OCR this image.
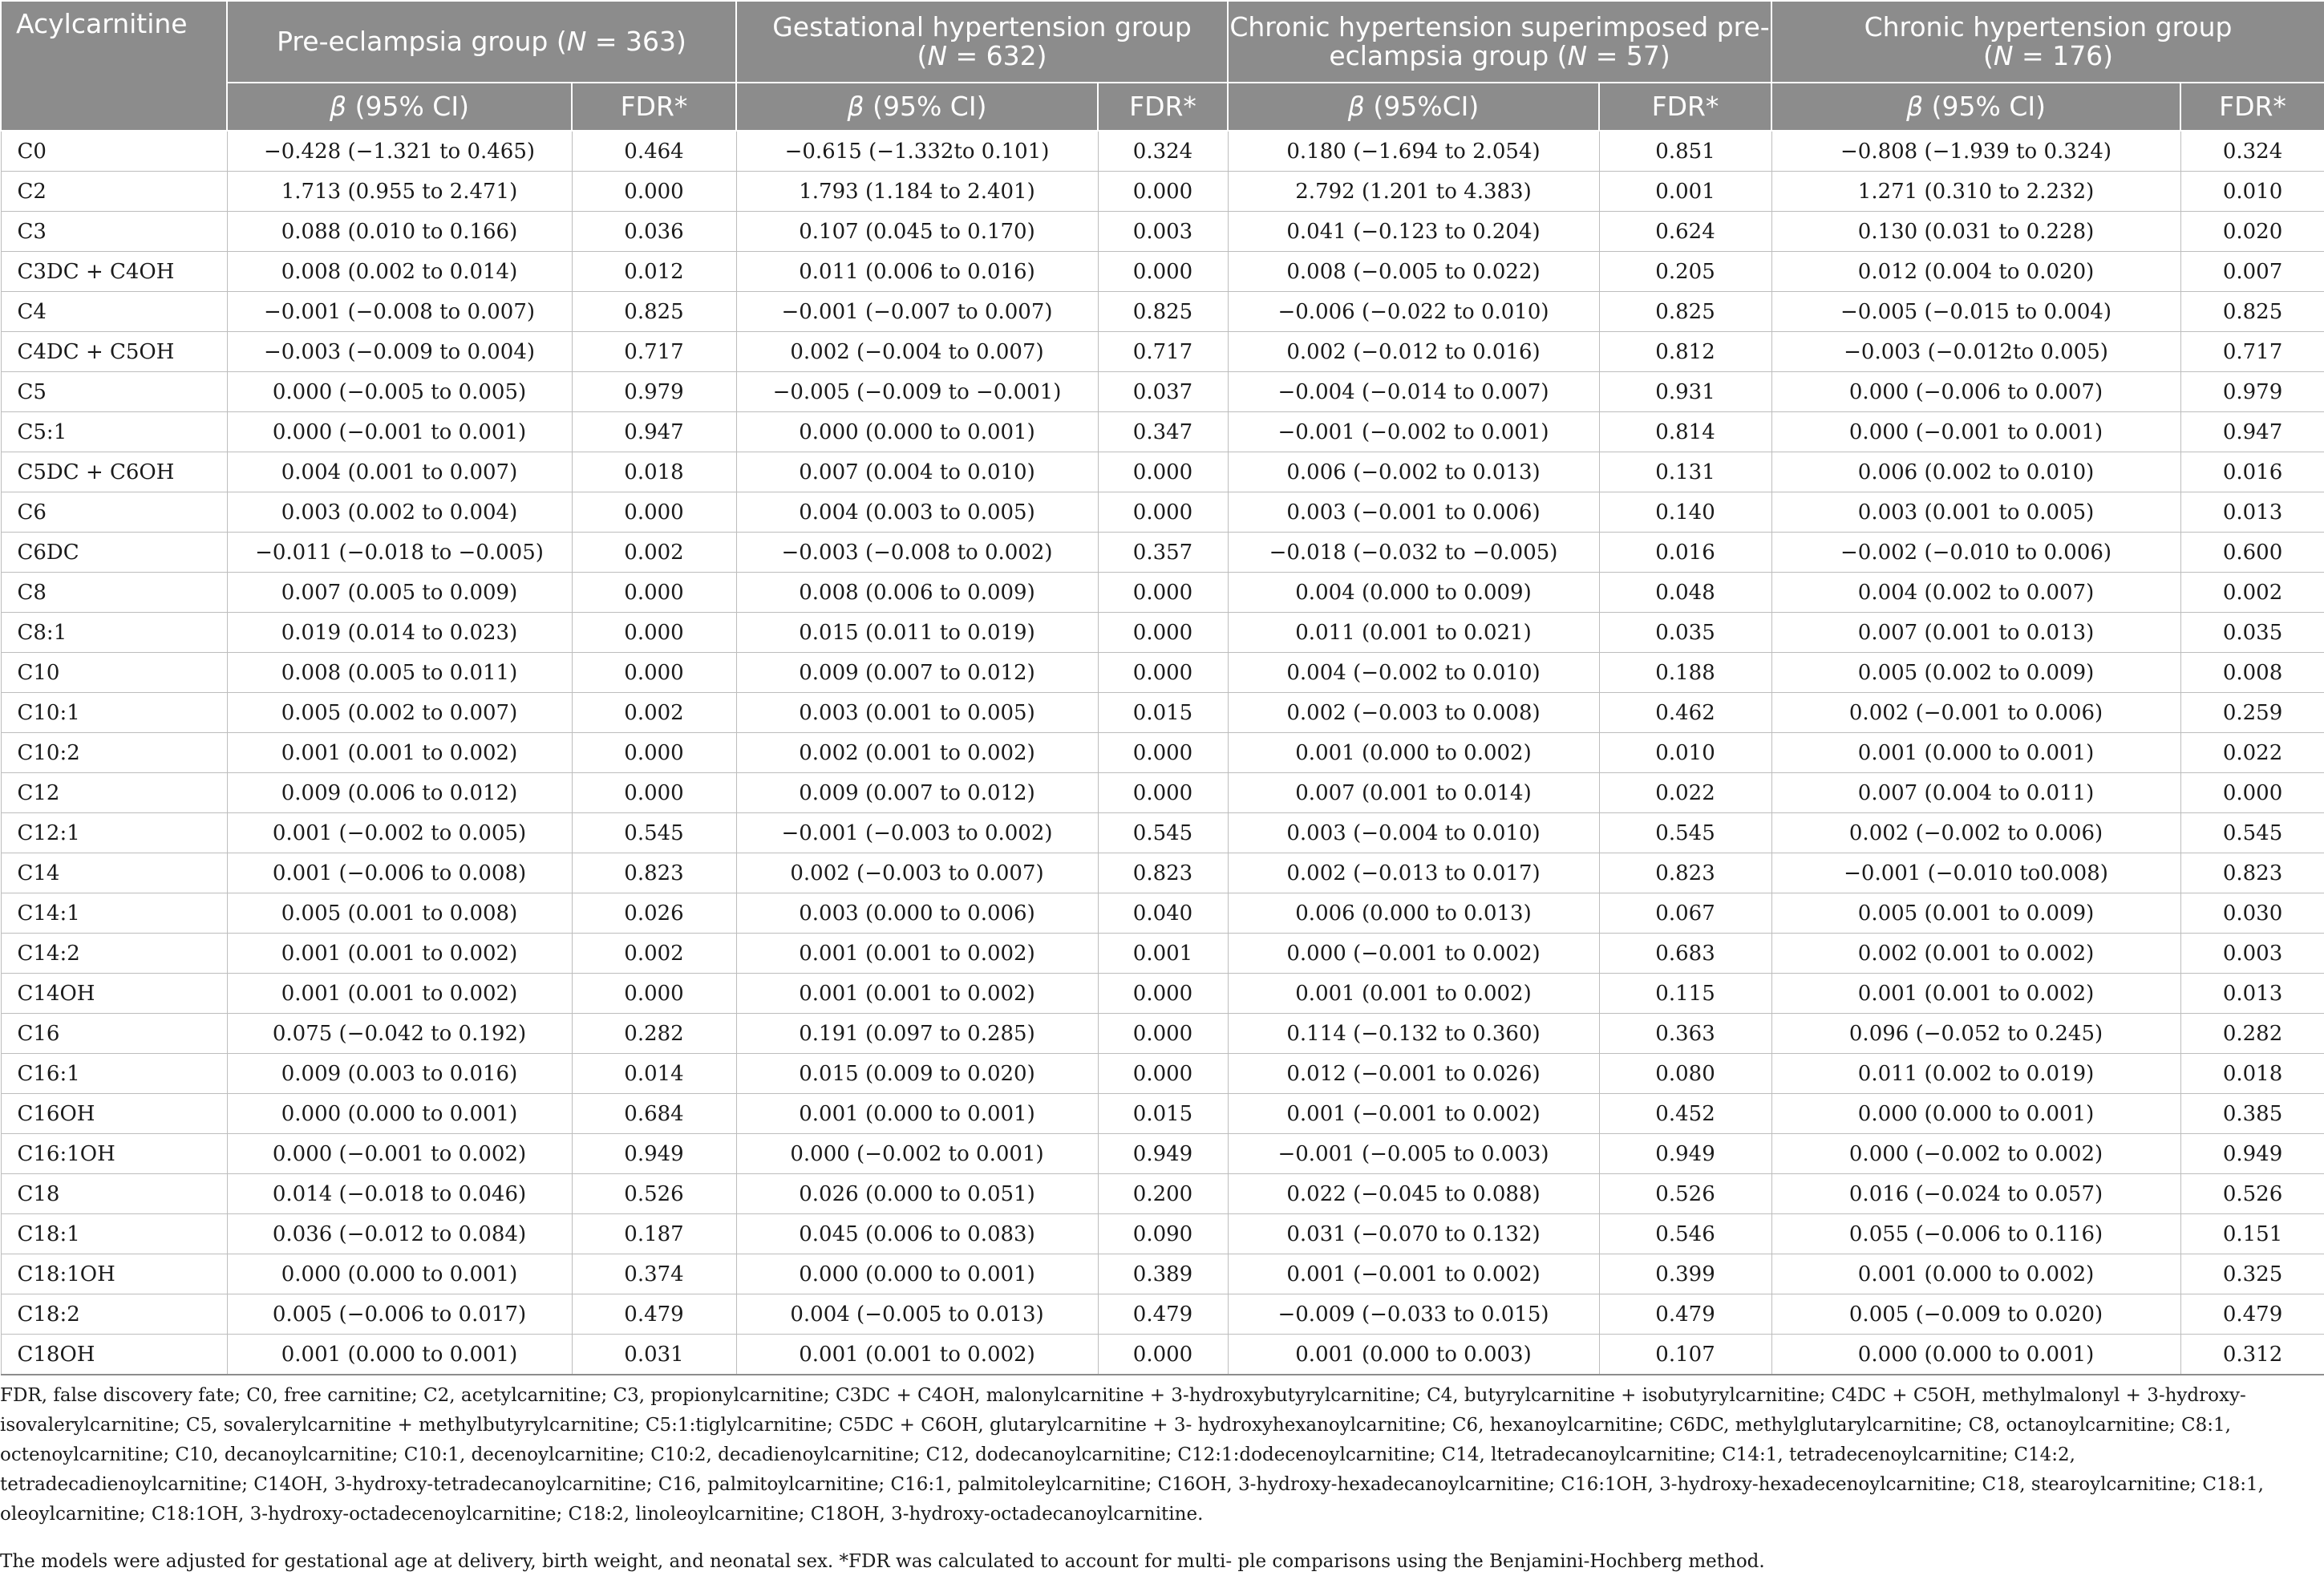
Acylcarnitine	Pre-eclampsia group (N = 363)		Gestational hypertension group
(N = 632)		Chronic hypertension superimposed pre-eclampsia group (N = 57)		Chronic hypertension group
(N = 176)	
	β (95% CI)	FDR*	β (95% CI)	FDR*	β (95%CI)	FDR*	β (95% CI)	FDR*
C0	−0.428 (−1.321 to 0.465)	0.464	−0.615 (−1.332to 0.101)	0.324	0.180 (−1.694 to 2.054)	0.851	−0.808 (−1.939 to 0.324)	0.324
C2	1.713 (0.955 to 2.471)	0.000	1.793 (1.184 to 2.401)	0.000	2.792 (1.201 to 4.383)	0.001	1.271 (0.310 to 2.232)	0.010
C3	0.088 (0.010 to 0.166)	0.036	0.107 (0.045 to 0.170)	0.003	0.041 (−0.123 to 0.204)	0.624	0.130 (0.031 to 0.228)	0.020
C3DC + C4OH	0.008 (0.002 to 0.014)	0.012	0.011 (0.006 to 0.016)	0.000	0.008 (−0.005 to 0.022)	0.205	0.012 (0.004 to 0.020)	0.007
C4	−0.001 (−0.008 to 0.007)	0.825	−0.001 (−0.007 to 0.007)	0.825	−0.006 (−0.022 to 0.010)	0.825	−0.005 (−0.015 to 0.004)	0.825
C4DC + C5OH	−0.003 (−0.009 to 0.004)	0.717	0.002 (−0.004 to 0.007)	0.717	0.002 (−0.012 to 0.016)	0.812	−0.003 (−0.012to 0.005)	0.717
C5	0.000 (−0.005 to 0.005)	0.979	−0.005 (−0.009 to −0.001)	0.037	−0.004 (−0.014 to 0.007)	0.931	0.000 (−0.006 to 0.007)	0.979
C5:1	0.000 (−0.001 to 0.001)	0.947	0.000 (0.000 to 0.001)	0.347	−0.001 (−0.002 to 0.001)	0.814	0.000 (−0.001 to 0.001)	0.947
C5DC + C6OH	0.004 (0.001 to 0.007)	0.018	0.007 (0.004 to 0.010)	0.000	0.006 (−0.002 to 0.013)	0.131	0.006 (0.002 to 0.010)	0.016
C6	0.003 (0.002 to 0.004)	0.000	0.004 (0.003 to 0.005)	0.000	0.003 (−0.001 to 0.006)	0.140	0.003 (0.001 to 0.005)	0.013
C6DC	−0.011 (−0.018 to −0.005)	0.002	−0.003 (−0.008 to 0.002)	0.357	−0.018 (−0.032 to −0.005)	0.016	−0.002 (−0.010 to 0.006)	0.600
C8	0.007 (0.005 to 0.009)	0.000	0.008 (0.006 to 0.009)	0.000	0.004 (0.000 to 0.009)	0.048	0.004 (0.002 to 0.007)	0.002
C8:1	0.019 (0.014 to 0.023)	0.000	0.015 (0.011 to 0.019)	0.000	0.011 (0.001 to 0.021)	0.035	0.007 (0.001 to 0.013)	0.035
C10	0.008 (0.005 to 0.011)	0.000	0.009 (0.007 to 0.012)	0.000	0.004 (−0.002 to 0.010)	0.188	0.005 (0.002 to 0.009)	0.008
C10:1	0.005 (0.002 to 0.007)	0.002	0.003 (0.001 to 0.005)	0.015	0.002 (−0.003 to 0.008)	0.462	0.002 (−0.001 to 0.006)	0.259
C10:2	0.001 (0.001 to 0.002)	0.000	0.002 (0.001 to 0.002)	0.000	0.001 (0.000 to 0.002)	0.010	0.001 (0.000 to 0.001)	0.022
C12	0.009 (0.006 to 0.012)	0.000	0.009 (0.007 to 0.012)	0.000	0.007 (0.001 to 0.014)	0.022	0.007 (0.004 to 0.011)	0.000
C12:1	0.001 (−0.002 to 0.005)	0.545	−0.001 (−0.003 to 0.002)	0.545	0.003 (−0.004 to 0.010)	0.545	0.002 (−0.002 to 0.006)	0.545
C14	0.001 (−0.006 to 0.008)	0.823	0.002 (−0.003 to 0.007)	0.823	0.002 (−0.013 to 0.017)	0.823	−0.001 (−0.010 to0.008)	0.823
C14:1	0.005 (0.001 to 0.008)	0.026	0.003 (0.000 to 0.006)	0.040	0.006 (0.000 to 0.013)	0.067	0.005 (0.001 to 0.009)	0.030
C14:2	0.001 (0.001 to 0.002)	0.002	0.001 (0.001 to 0.002)	0.001	0.000 (−0.001 to 0.002)	0.683	0.002 (0.001 to 0.002)	0.003
C14OH	0.001 (0.001 to 0.002)	0.000	0.001 (0.001 to 0.002)	0.000	0.001 (0.001 to 0.002)	0.115	0.001 (0.001 to 0.002)	0.013
C16	0.075 (−0.042 to 0.192)	0.282	0.191 (0.097 to 0.285)	0.000	0.114 (−0.132 to 0.360)	0.363	0.096 (−0.052 to 0.245)	0.282
C16:1	0.009 (0.003 to 0.016)	0.014	0.015 (0.009 to 0.020)	0.000	0.012 (−0.001 to 0.026)	0.080	0.011 (0.002 to 0.019)	0.018
C16OH	0.000 (0.000 to 0.001)	0.684	0.001 (0.000 to 0.001)	0.015	0.001 (−0.001 to 0.002)	0.452	0.000 (0.000 to 0.001)	0.385
C16:1OH	0.000 (−0.001 to 0.002)	0.949	0.000 (−0.002 to 0.001)	0.949	−0.001 (−0.005 to 0.003)	0.949	0.000 (−0.002 to 0.002)	0.949
C18	0.014 (−0.018 to 0.046)	0.526	0.026 (0.000 to 0.051)	0.200	0.022 (−0.045 to 0.088)	0.526	0.016 (−0.024 to 0.057)	0.526
C18:1	0.036 (−0.012 to 0.084)	0.187	0.045 (0.006 to 0.083)	0.090	0.031 (−0.070 to 0.132)	0.546	0.055 (−0.006 to 0.116)	0.151
C18:1OH	0.000 (0.000 to 0.001)	0.374	0.000 (0.000 to 0.001)	0.389	0.001 (−0.001 to 0.002)	0.399	0.001 (0.000 to 0.002)	0.325
C18:2	0.005 (−0.006 to 0.017)	0.479	0.004 (−0.005 to 0.013)	0.479	−0.009 (−0.033 to 0.015)	0.479	0.005 (−0.009 to 0.020)	0.479
C18OH	0.001 (0.000 to 0.001)	0.031	0.001 (0.001 to 0.002)	0.000	0.001 (0.000 to 0.003)	0.107	0.000 (0.000 to 0.001)	0.312
FDR, false discovery fate; C0, free carnitine; C2, acetylcarnitine; C3, propionylcarnitine; C3DC + C4OH, malonylcarnitine + 3-hydroxybutyrylcarnitine; C4, butyrylcarnitine + isobutyrylcarnitine; C4DC + C5OH, methylmalonyl + 3-hydroxy-isovalerylcarnitine; C5, sovalerylcarnitine + methylbutyrylcarnitine; C5:1:tiglylcarnitine; C5DC + C6OH, glutarylcarnitine + 3- hydroxyhexanoylcarnitine; C6, hexanoylcarnitine; C6DC, methylglutarylcarnitine; C8, octanoylcarnitine; C8:1, octenoylcarnitine; C10, decanoylcarnitine; C10:1, decenoylcarnitine; C10:2, decadienoylcarnitine; C12, dodecanoylcarnitine; C12:1:dodecenoylcarnitine; C14, ltetradecanoylcarnitine; C14:1, tetradecenoylcarnitine; C14:2, tetradecadienoylcarnitine; C14OH, 3-hydroxy-tetradecanoylcarnitine; C16, palmitoylcarnitine; C16:1, palmitoleylcarnitine; C16OH, 3-hydroxy-hexadecanoylcarnitine; C16:1OH, 3-hydroxy-hexadecenoylcarnitine; C18, stearoylcarnitine; C18:1, oleoylcarnitine; C18:1OH, 3-hydroxy-octadecenoylcarnitine; C18:2, linoleoylcarnitine; C18OH, 3-hydroxy-octadecanoylcarnitine.
The models were adjusted for gestational age at delivery, birth weight, and neonatal sex. *FDR was calculated to account for multi- ple comparisons using the Benjamini-Hochberg method.
